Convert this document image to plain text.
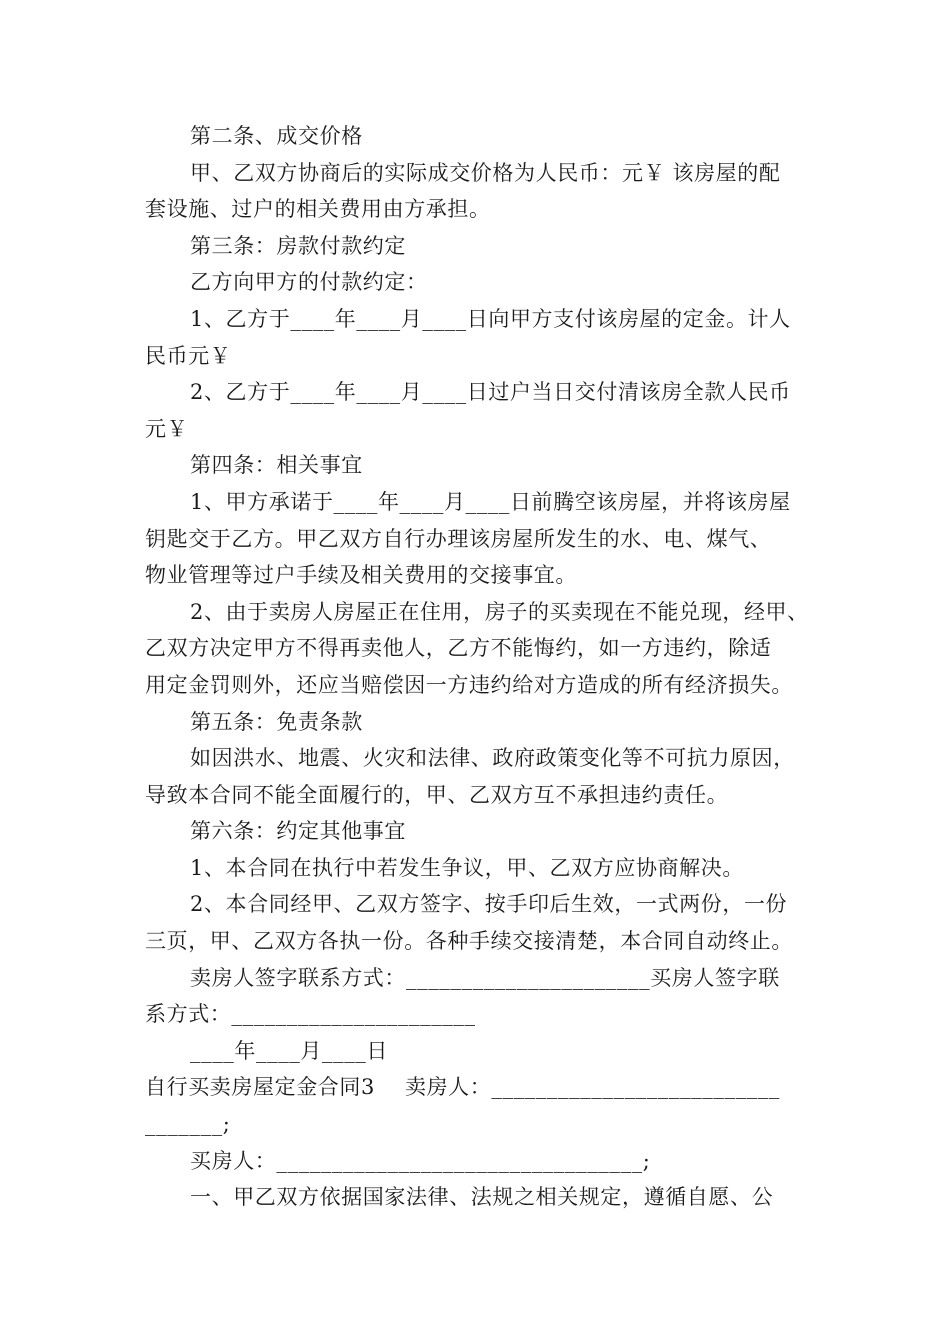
第二条、成交价格
甲、乙双方协商后的实际成交价格为人民币：元￥ 该房屋的配
套设施、过户的相关费用由方承担。
第三条：房款付款约定
乙方向甲方的付款约定：
1、乙方于____年____月____日向甲方支付该房屋的定金。计人
民币元￥
2、乙方于____年____月____日过户当日交付清该房全款人民币
元￥
第四条：相关事宜
1、甲方承诺于____年____月____日前腾空该房屋，并将该房屋
钥匙交于乙方。甲乙双方自行办理该房屋所发生的水、电、煤气、
物业管理等过户手续及相关费用的交接事宜。
2、由于卖房人房屋正在住用，房子的买卖现在不能兑现，经甲、
乙双方决定甲方不得再卖他人，乙方不能悔约，如一方违约，除适
用定金罚则外，还应当赔偿因一方违约给对方造成的所有经济损失。
第五条：免责条款
如因洪水、地震、火灾和法律、政府政策变化等不可抗力原因，
导致本合同不能全面履行的，甲、乙双方互不承担违约责任。
第六条：约定其他事宜
1、本合同在执行中若发生争议，甲、乙双方应协商解决。
2、本合同经甲、乙双方签字、按手印后生效，一式两份，一份
三页，甲、乙双方各执一份。各种手续交接清楚，本合同自动终止。
卖房人签字联系方式：______________________买房人签字联
系方式：______________________
____年____月____日
自行买卖房屋定金合同3 卖房人：__________________________
_______;
买房人：_________________________________;
一、甲乙双方依据国家法律、法规之相关规定，遵循自愿、公
